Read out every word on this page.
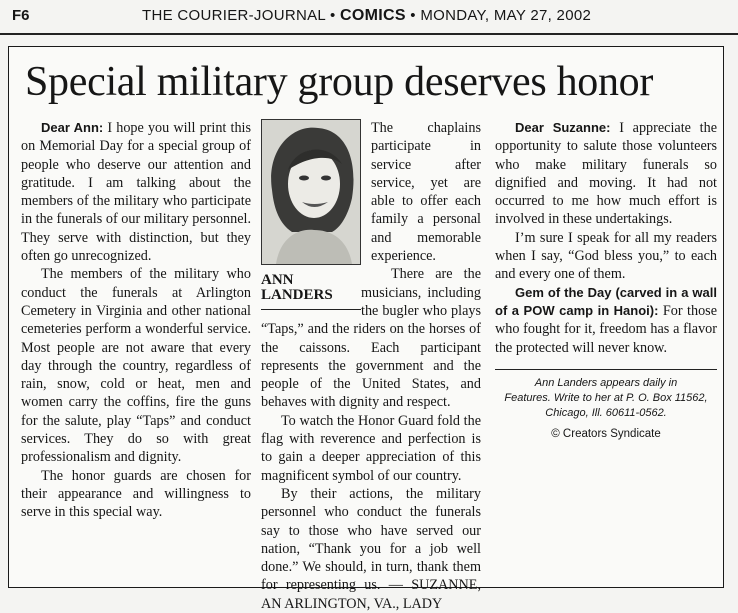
F6	THE COURIER-JOURNAL • COMICS • MONDAY, MAY 27, 2002
Special military group deserves honor

Dear Ann: I hope you will print this on Memorial Day for a special group of people who deserve our attention and gratitude. I am talking about the members of the military who participate in the funerals of our military personnel. They serve with distinction, but they often go unrecognized.

The members of the military who conduct the funerals at Arlington Cemetery in Virginia and other national cemeteries perform a wonderful service. Most people are not aware that every day through the country, regardless of rain, snow, cold or heat, men and women carry the coffins, fire the guns for the salute, play “Taps” and conduct services. They do so with great professionalism and dignity.

The honor guards are chosen for their appearance and willingness to serve in this special way.

ANN
LANDERS

The chaplains participate in service after service, yet are able to offer each family a personal and memorable experience.

There are the musicians, including the bugler who plays “Taps,” and the riders on the horses of the caissons. Each participant represents the government and the people of the United States, and behaves with dignity and respect.

To watch the Honor Guard fold the flag with reverence and perfection is to gain a deeper appreciation of this magnificent symbol of our country.

By their actions, the military personnel who conduct the funerals say to those who have served our nation, “Thank you for a job well done.” We should, in turn, thank them for representing us. — SUZANNE, AN ARLINGTON, VA., LADY

Dear Suzanne: I appreciate the opportunity to salute those volunteers who make military funerals so dignified and moving. It had not occurred to me how much effort is involved in these undertakings.

I’m sure I speak for all my readers when I say, “God bless you,” to each and every one of them.

Gem of the Day (carved in a wall of a POW camp in Hanoi): For those who fought for it, freedom has a flavor the protected will never know.

Ann Landers appears daily in
Features. Write to her at P. O. Box 11562,
Chicago, Ill. 60611-0562.
© Creators Syndicate
